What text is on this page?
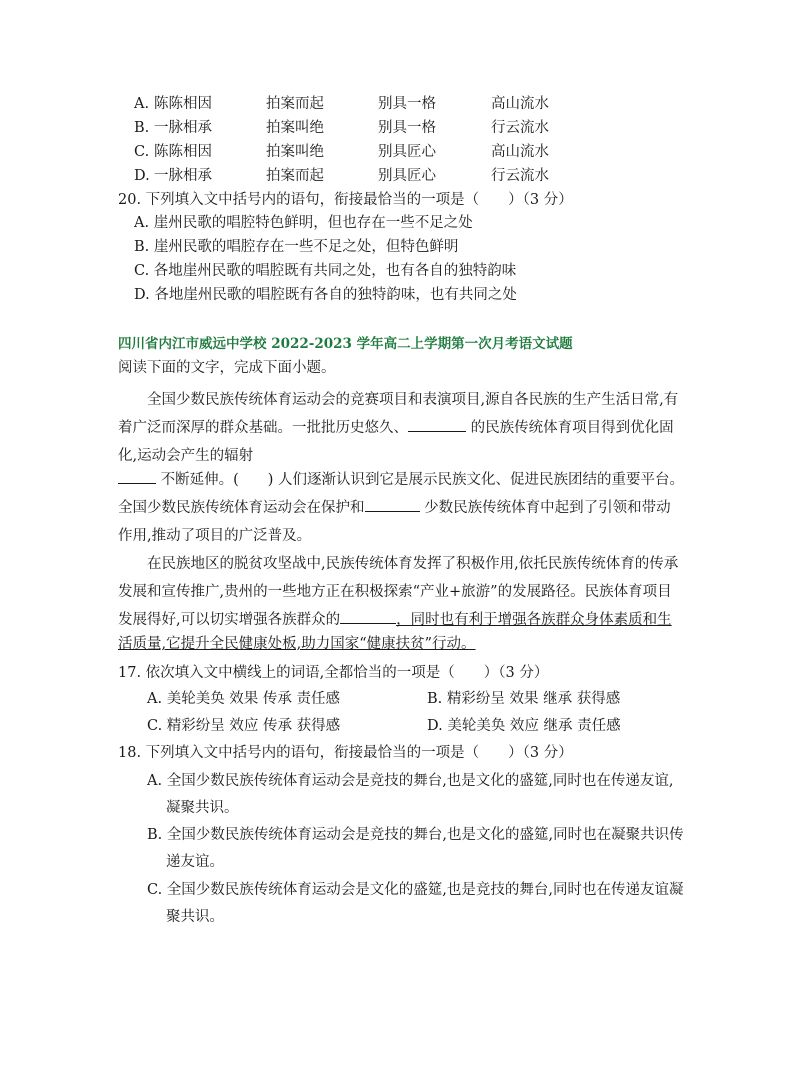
A. 陈陈相因	拍案而起	别具一格	高山流水
B. 一脉相承	拍案叫绝	别具一格	行云流水
C. 陈陈相因	拍案叫绝	别具匠心	高山流水
D. 一脉相承	拍案而起	别具匠心	行云流水
20. 下列填入文中括号内的语句，衔接最恰当的一项是（　　）（3 分）
A. 崖州民歌的唱腔特色鲜明，但也存在一些不足之处
B. 崖州民歌的唱腔存在一些不足之处，但特色鲜明
C. 各地崖州民歌的唱腔既有共同之处，也有各自的独特韵味
D. 各地崖州民歌的唱腔既有各自的独特韵味，也有共同之处
四川省内江市威远中学校 2022-2023 学年高二上学期第一次月考语文试题
阅读下面的文字，完成下面小题。
全国少数民族传统体育运动会的竞赛项目和表演项目,源自各民族的生产生活日常,有
着广泛而深厚的群众基础。一批批历史悠久、	的民族传统体育项目得到优化固
化,运动会产生的辐射
不断延伸。(　　) 人们逐渐认识到它是展示民族文化、促进民族团结的重要平台。
全国少数民族传统体育运动会在保护和	少数民族传统体育中起到了引领和带动
作用,推动了项目的广泛普及。
在民族地区的脱贫攻坚战中,民族传统体育发挥了积极作用,依托民族传统体育的传承
发展和宣传推广,贵州的一些地方正在积极探索“产业+旅游”的发展路径。民族体育项目
发展得好,可以切实增强各族群众的	，同时也有利于增强各族群众身体素质和生
活质量,它提升全民健康处板,助力国家“健康扶贫”行动。
17. 依次填入文中横线上的词语,全都恰当的一项是（　　）（3 分）
A. 美轮美奂 效果 传承 责任感	B. 精彩纷呈 效果 继承 获得感
C. 精彩纷呈 效应 传承 获得感	D. 美轮美奂 效应 继承 责任感
18. 下列填入文中括号内的语句，衔接最恰当的一项是（　　）（3 分）
A. 全国少数民族传统体育运动会是竞技的舞台,也是文化的盛筵,同时也在传递友谊,
凝聚共识。
B. 全国少数民族传统体育运动会是竞技的舞台,也是文化的盛筵,同时也在凝聚共识传
递友谊。
C. 全国少数民族传统体育运动会是文化的盛筵,也是竞技的舞台,同时也在传递友谊凝
聚共识。
